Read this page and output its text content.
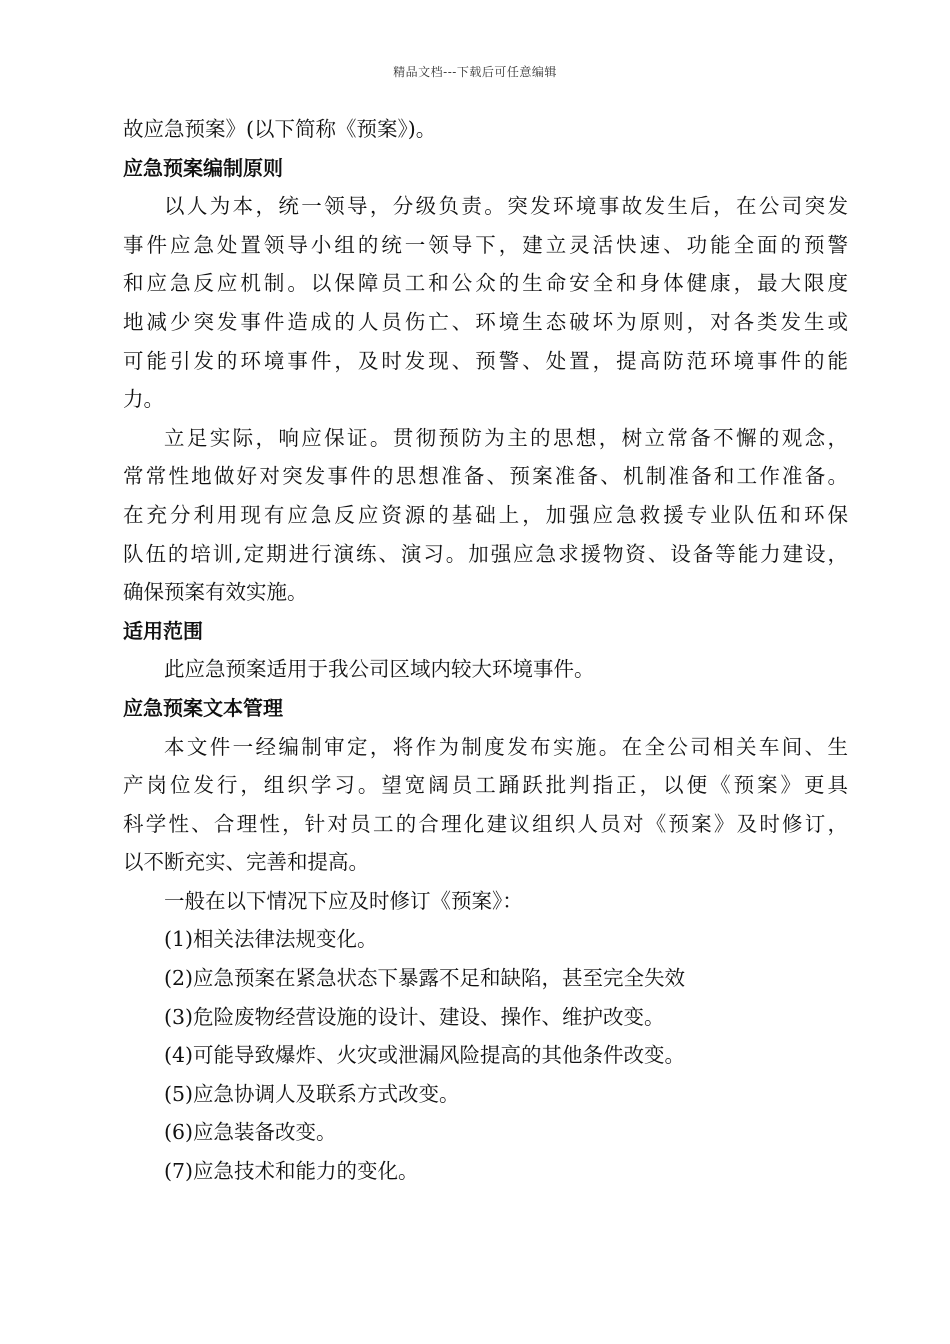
精品文档---下载后可任意编辑
故应急预案》(以下简称《预案》)。
应急预案编制原则
以人为本，统一领导，分级负责。突发环境事故发生后，在公司突发
事件应急处置领导小组的统一领导下，建立灵活快速、功能全面的预警
和应急反应机制。以保障员工和公众的生命安全和身体健康，最大限度
地减少突发事件造成的人员伤亡、环境生态破坏为原则，对各类发生或
可能引发的环境事件，及时发现、预警、处置，提高防范环境事件的能
力。
立足实际，响应保证。贯彻预防为主的思想，树立常备不懈的观念，
常常性地做好对突发事件的思想准备、预案准备、机制准备和工作准备。
在充分利用现有应急反应资源的基础上，加强应急救援专业队伍和环保
队伍的培训,定期进行演练、演习。加强应急求援物资、设备等能力建设，
确保预案有效实施。
适用范围
此应急预案适用于我公司区域内较大环境事件。
应急预案文本管理
本文件一经编制审定，将作为制度发布实施。在全公司相关车间、生
产岗位发行，组织学习。望宽阔员工踊跃批判指正，以便《预案》更具
科学性、合理性，针对员工的合理化建议组织人员对《预案》及时修订，
以不断充实、完善和提高。
一般在以下情况下应及时修订《预案》：
(1)相关法律法规变化。
(2)应急预案在紧急状态下暴露不足和缺陷，甚至完全失效
(3)危险废物经营设施的设计、建设、操作、维护改变。
(4)可能导致爆炸、火灾或泄漏风险提高的其他条件改变。
(5)应急协调人及联系方式改变。
(6)应急装备改变。
(7)应急技术和能力的变化。
